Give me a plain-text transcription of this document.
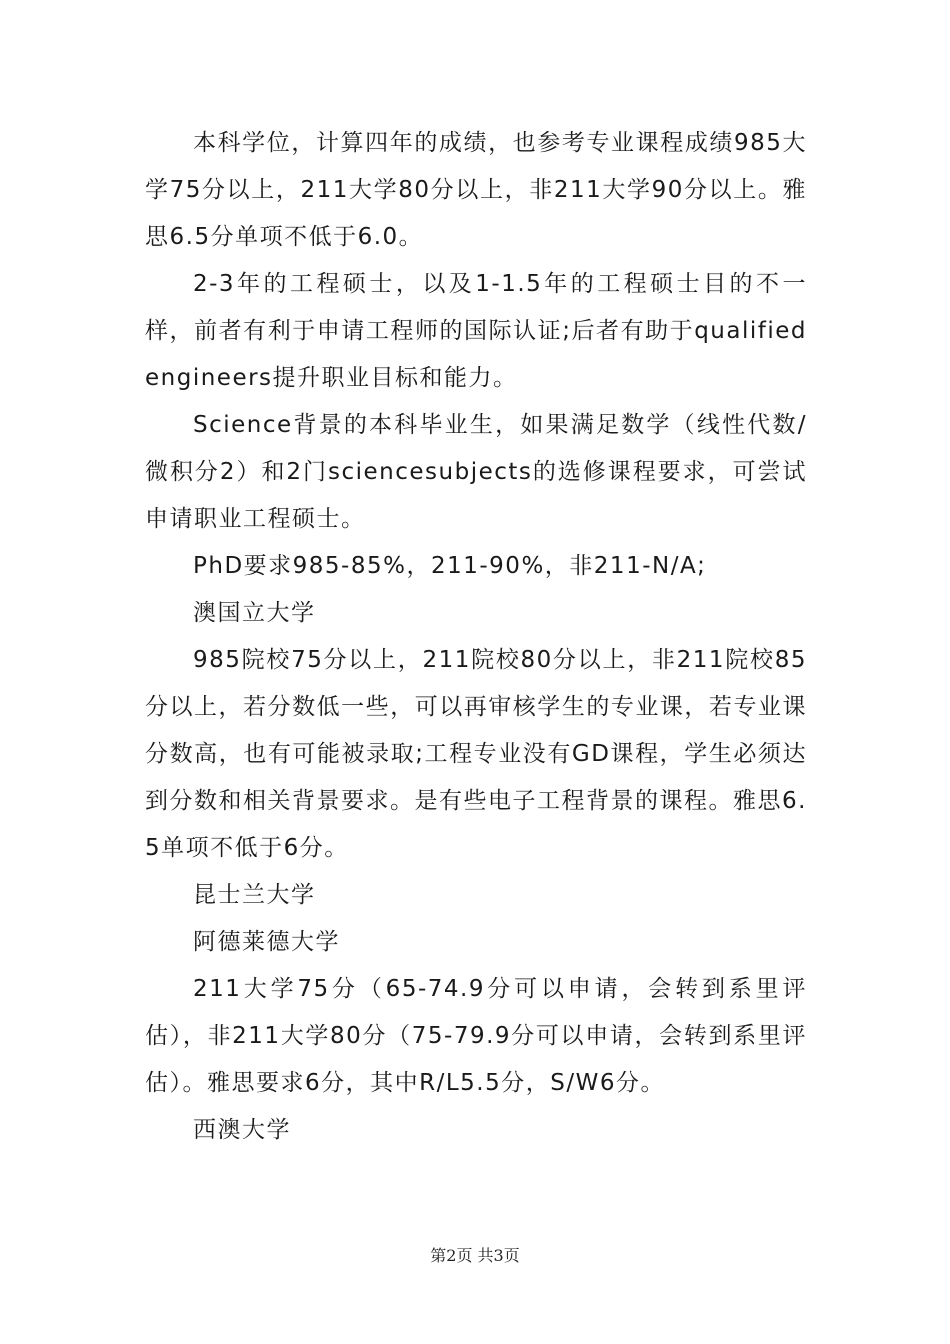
本科学位，计算四年的成绩，也参考专业课程成绩985大学75分以上，211大学80分以上，非211大学90分以上。雅思6.5分单项不低于6.0。

2-3年的工程硕士，以及1-1.5年的工程硕士目的不一样，前者有利于申请工程师的国际认证;后者有助于qualifiedengineers提升职业目标和能力。

Science背景的本科毕业生，如果满足数学（线性代数/微积分2）和2门sciencesubjects的选修课程要求，可尝试申请职业工程硕士。

PhD要求985-85%，211-90%，非211-N/A;

澳国立大学

985院校75分以上，211院校80分以上，非211院校85分以上，若分数低一些，可以再审核学生的专业课，若专业课分数高，也有可能被录取;工程专业没有GD课程，学生必须达到分数和相关背景要求。是有些电子工程背景的课程。雅思6.5单项不低于6分。

昆士兰大学

阿德莱德大学

211大学75分（65-74.9分可以申请，会转到系里评估），非211大学80分（75-79.9分可以申请，会转到系里评估）。雅思要求6分，其中R/L5.5分，S/W6分。

西澳大学

第2页 共3页
